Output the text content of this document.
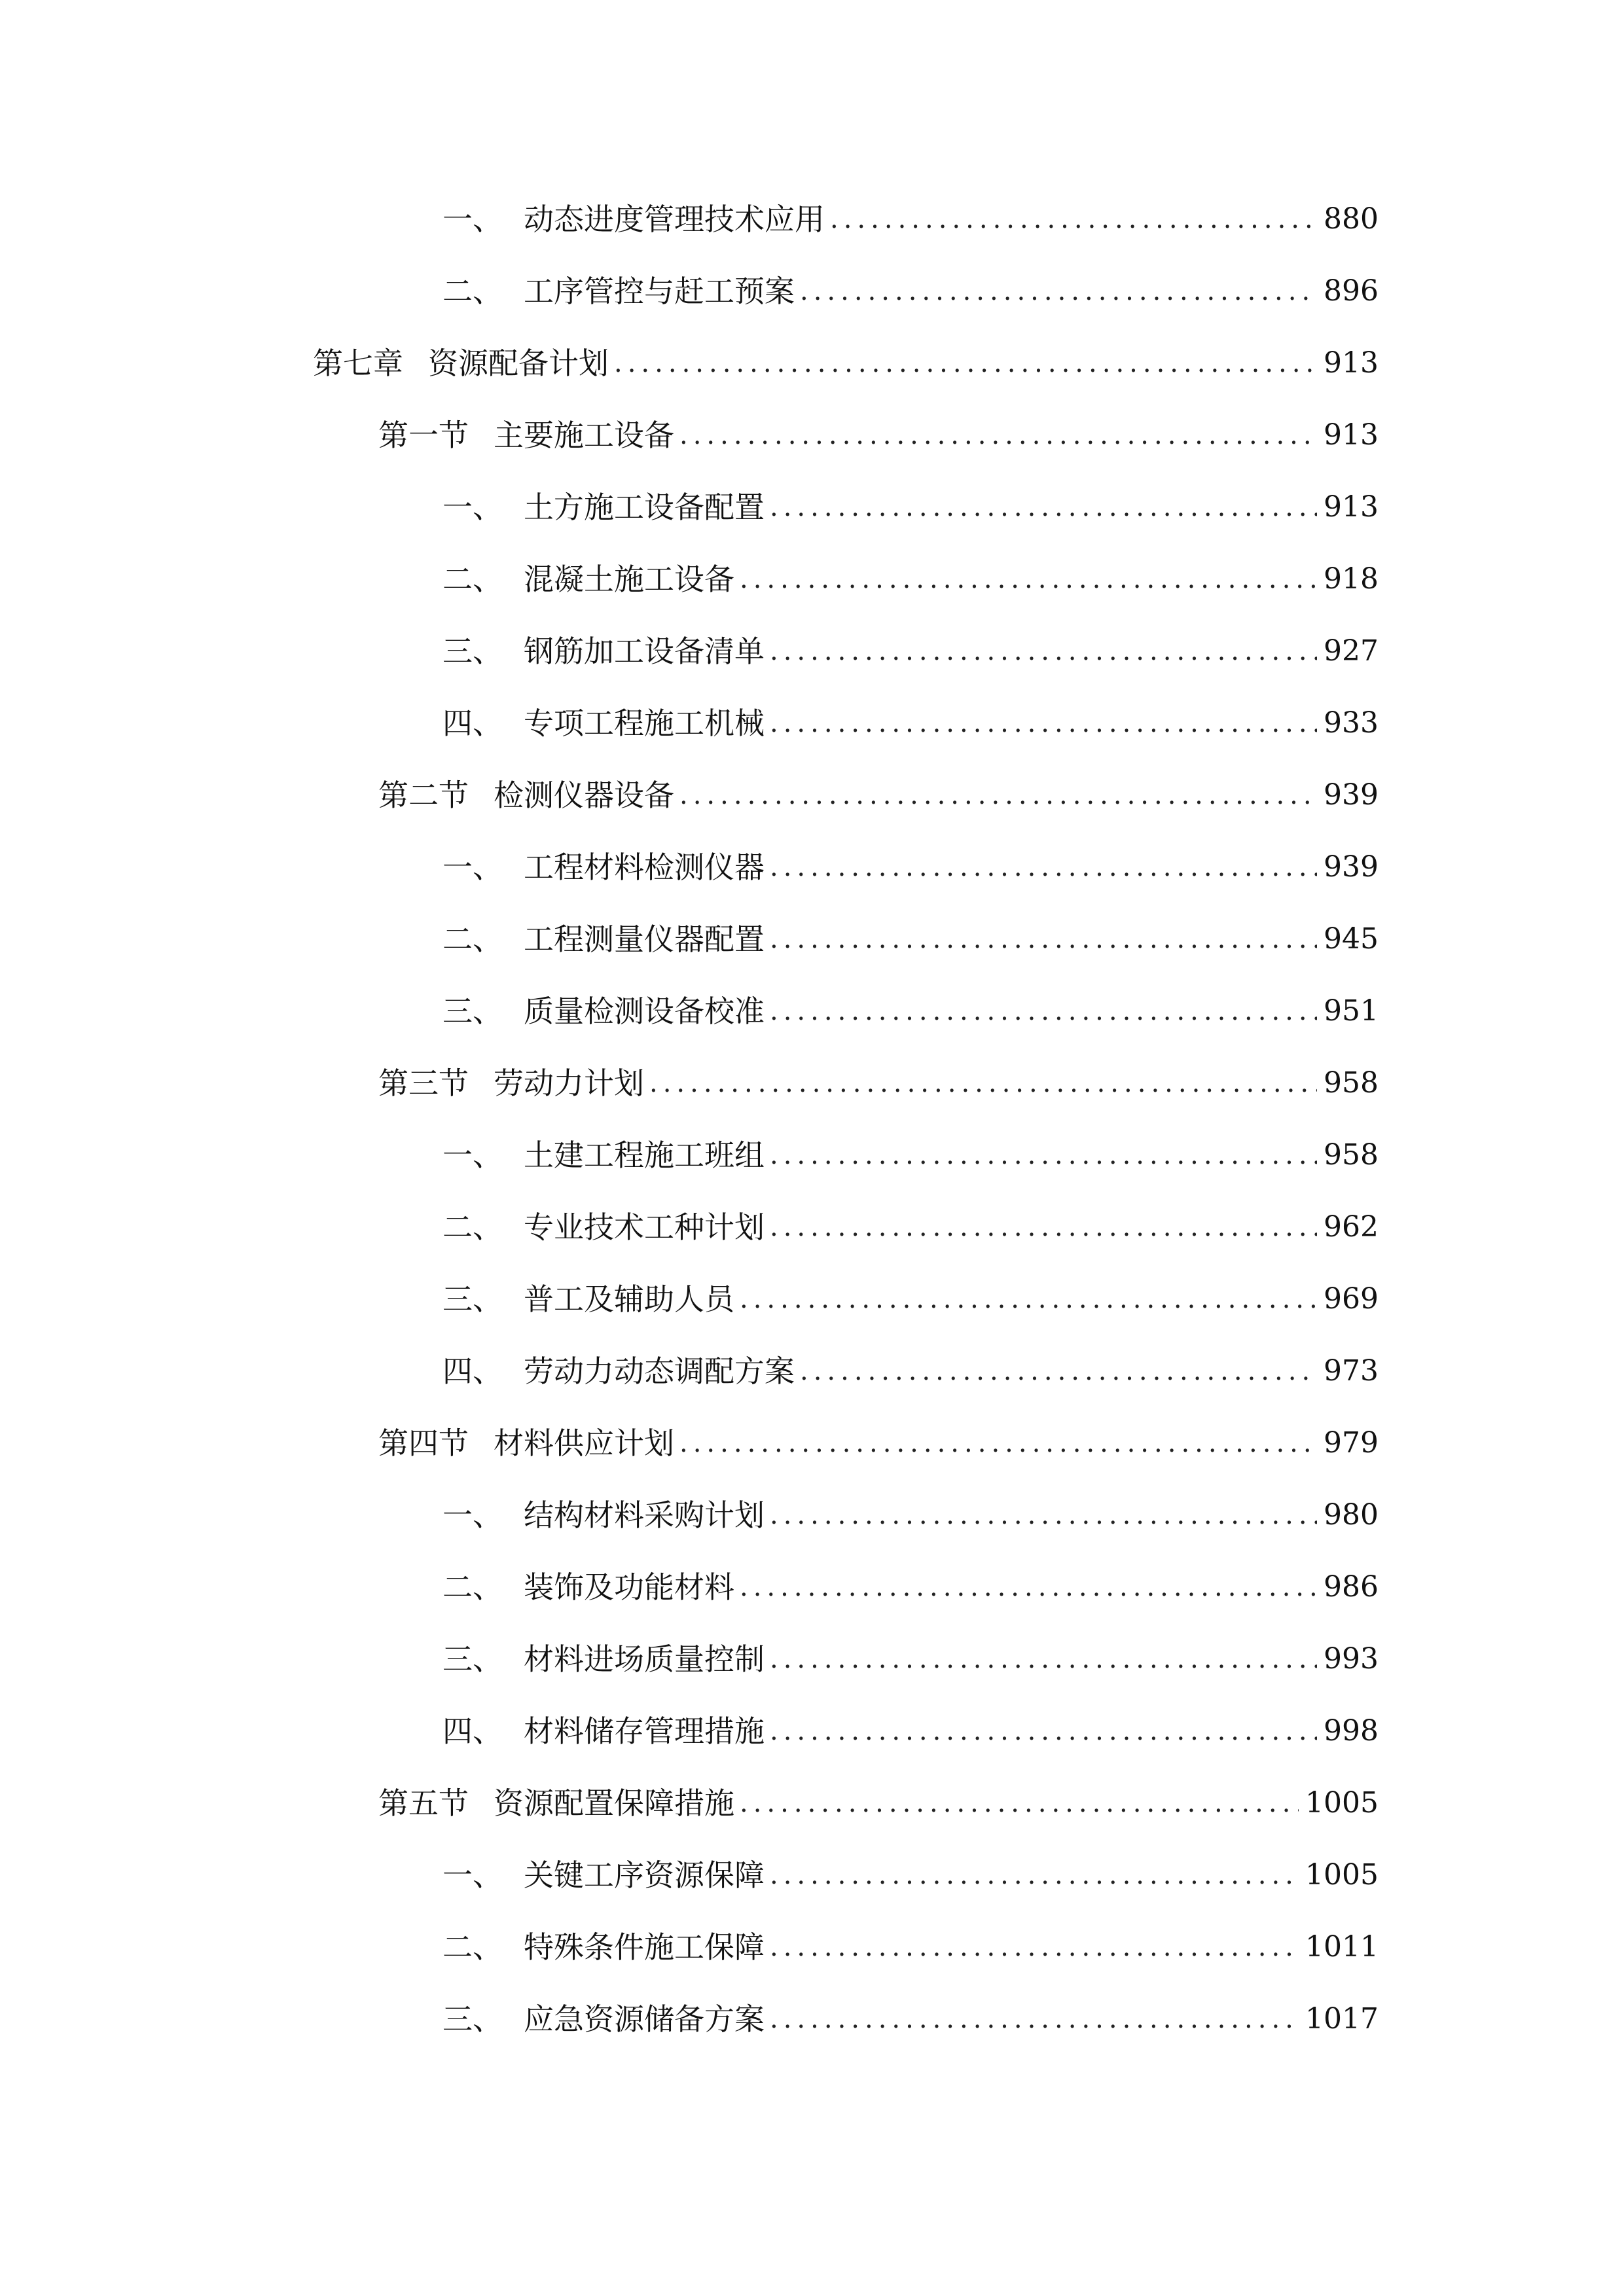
一、 动态进度管理技术应用 .....	880
二、 工序管控与赶工预案 .....	896
第七章 资源配备计划 .....	913
第一节 主要施工设备 .....	913
一、 土方施工设备配置 .....	913
二、 混凝土施工设备 .....	918
三、 钢筋加工设备清单 .....	927
四、 专项工程施工机械 .....	933
第二节 检测仪器设备 .....	939
一、 工程材料检测仪器 .....	939
二、 工程测量仪器配置 .....	945
三、 质量检测设备校准 .....	951
第三节 劳动力计划 .....	958
一、 土建工程施工班组 .....	958
二、 专业技术工种计划 .....	962
三、 普工及辅助人员 .....	969
四、 劳动力动态调配方案 .....	973
第四节 材料供应计划 .....	979
一、 结构材料采购计划 .....	980
二、 装饰及功能材料 .....	986
三、 材料进场质量控制 .....	993
四、 材料储存管理措施 .....	998
第五节 资源配置保障措施 .....	1005
一、 关键工序资源保障 .....	1005
二、 特殊条件施工保障 .....	1011
三、 应急资源储备方案 .....	1017
